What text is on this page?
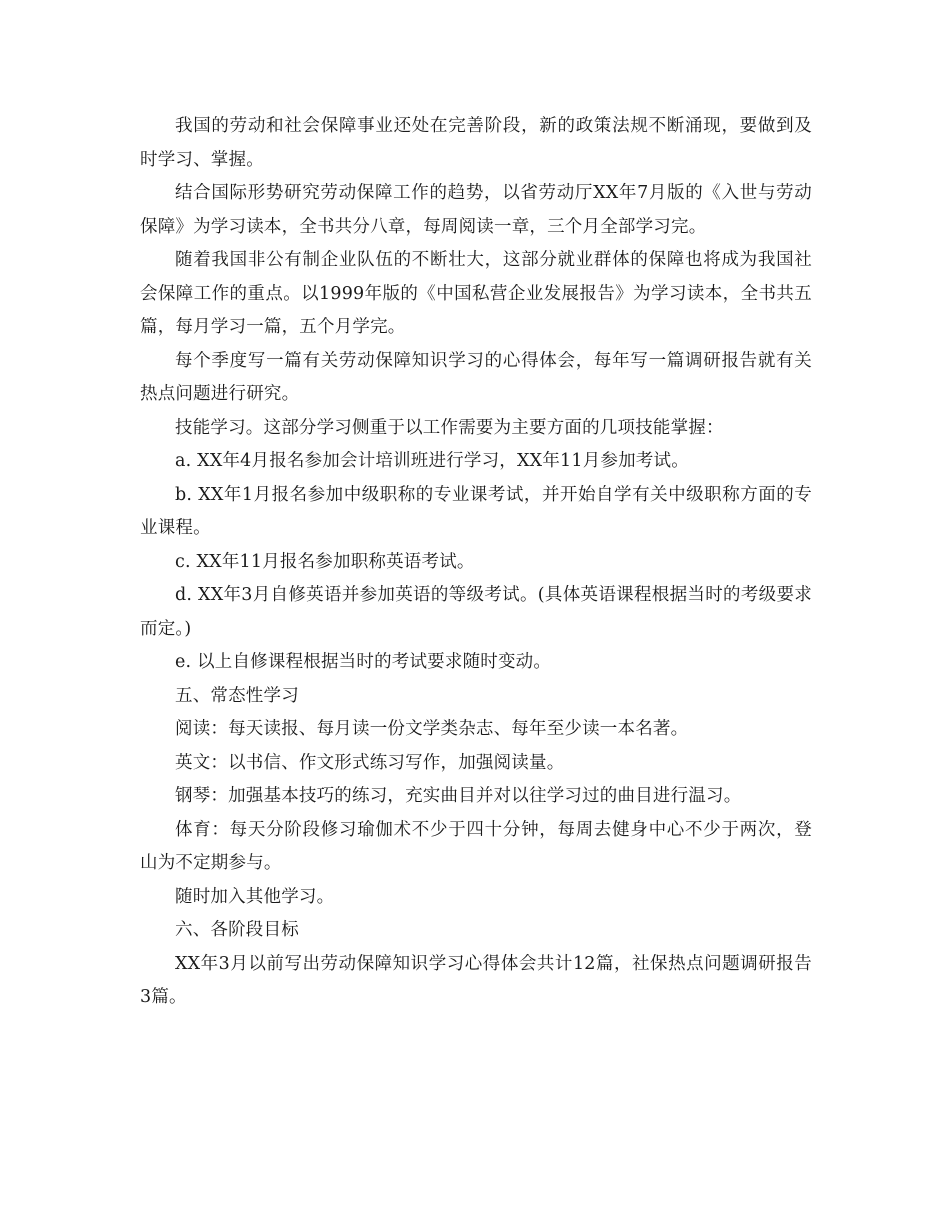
我国的劳动和社会保障事业还处在完善阶段，新的政策法规不断涌现，要做到及时学习、掌握。

结合国际形势研究劳动保障工作的趋势，以省劳动厅XX年7月版的《入世与劳动保障》为学习读本，全书共分八章，每周阅读一章，三个月全部学习完。

随着我国非公有制企业队伍的不断壮大，这部分就业群体的保障也将成为我国社会保障工作的重点。以1999年版的《中国私营企业发展报告》为学习读本，全书共五篇，每月学习一篇，五个月学完。

每个季度写一篇有关劳动保障知识学习的心得体会，每年写一篇调研报告就有关热点问题进行研究。

技能学习。这部分学习侧重于以工作需要为主要方面的几项技能掌握：

a. XX年4月报名参加会计培训班进行学习，XX年11月参加考试。

b. XX年1月报名参加中级职称的专业课考试，并开始自学有关中级职称方面的专业课程。

c. XX年11月报名参加职称英语考试。

d. XX年3月自修英语并参加英语的等级考试。(具体英语课程根据当时的考级要求而定。)

e. 以上自修课程根据当时的考试要求随时变动。

五、常态性学习

阅读：每天读报、每月读一份文学类杂志、每年至少读一本名著。

英文：以书信、作文形式练习写作，加强阅读量。

钢琴：加强基本技巧的练习，充实曲目并对以往学习过的曲目进行温习。

体育：每天分阶段修习瑜伽术不少于四十分钟，每周去健身中心不少于两次，登山为不定期参与。

随时加入其他学习。

六、各阶段目标

XX年3月以前写出劳动保障知识学习心得体会共计12篇，社保热点问题调研报告3篇。
